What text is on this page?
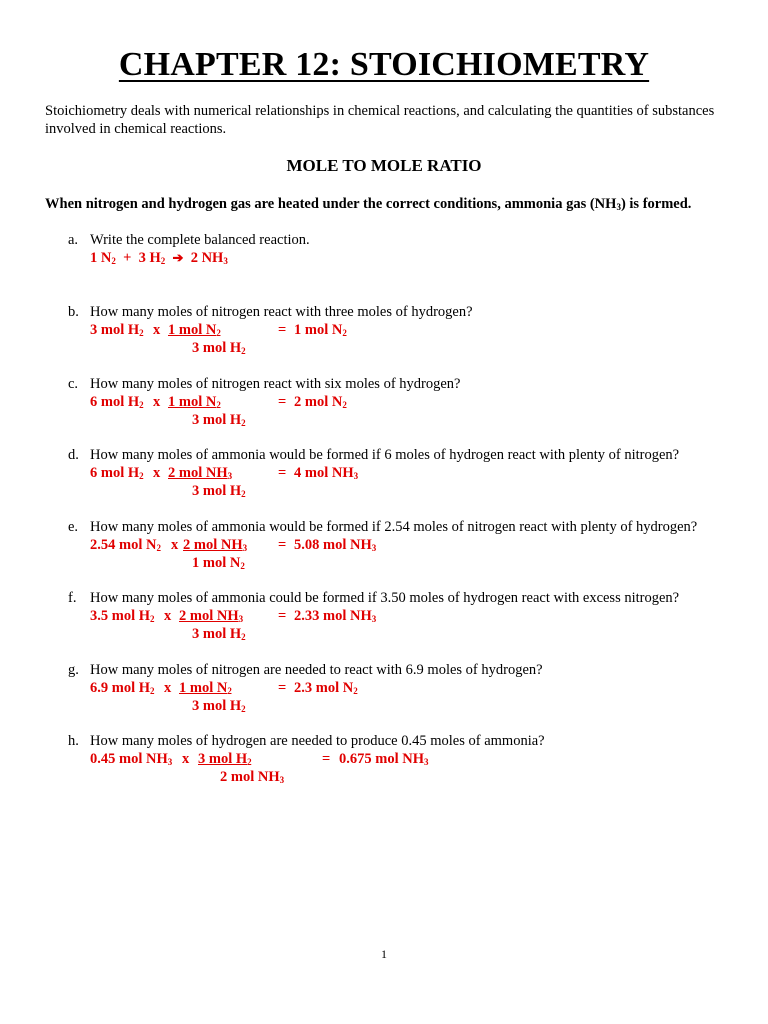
CHAPTER 12: STOICHIOMETRY
Stoichiometry deals with numerical relationships in chemical reactions, and calculating the quantities of substances involved in chemical reactions.
MOLE TO MOLE RATIO
When nitrogen and hydrogen gas are heated under the correct conditions, ammonia gas $(NH_3)$ is formed.
a. Write the complete balanced reaction.
1 $N_2 + 3$ $H_2$ ➔ 2 $NH_3$
b. How many moles of nitrogen react with three moles of hydrogen?
3 mol $H_2$ x 1 mol $N_2$	= 1 mol $N_2$
3 mol $H_2$
c. How many moles of nitrogen react with six moles of hydrogen?
6 mol $H_2$ x 1 mol $N_2$	= 2 mol $N_2$
3 mol $H_2$
d. How many moles of ammonia would be formed if 6 moles of hydrogen react with plenty of nitrogen?
6 mol $H_2$ x 2 mol $NH_3$	= 4 mol $NH_3$
3 mol $H_2$
e. How many moles of ammonia would be formed if 2.54 moles of nitrogen react with plenty of hydrogen?
2.54 mol $N_2$ x 2 mol $NH_3 = 5.08$ mol $NH_3$
1 mol $N_2$
f. How many moles of ammonia could be formed if 3.50 moles of hydrogen react with excess nitrogen?
3.5 mol $H_2$ x 2 mol $NH_3 = 2.33$ mol $NH_3$
3 mol $H_2$
g. How many moles of nitrogen are needed to react with 6.9 moles of hydrogen?
6.9 mol $H_2$ x 1 mol $N_2$	= 2.3 mol $N_2$
3 mol $H_2$
h. How many moles of hydrogen are needed to produce 0.45 moles of ammonia?
0.45 mol $NH_3$ x 3 mol $H_2$	= 0.675 mol $NH_3$
2 mol $NH_3$
1
